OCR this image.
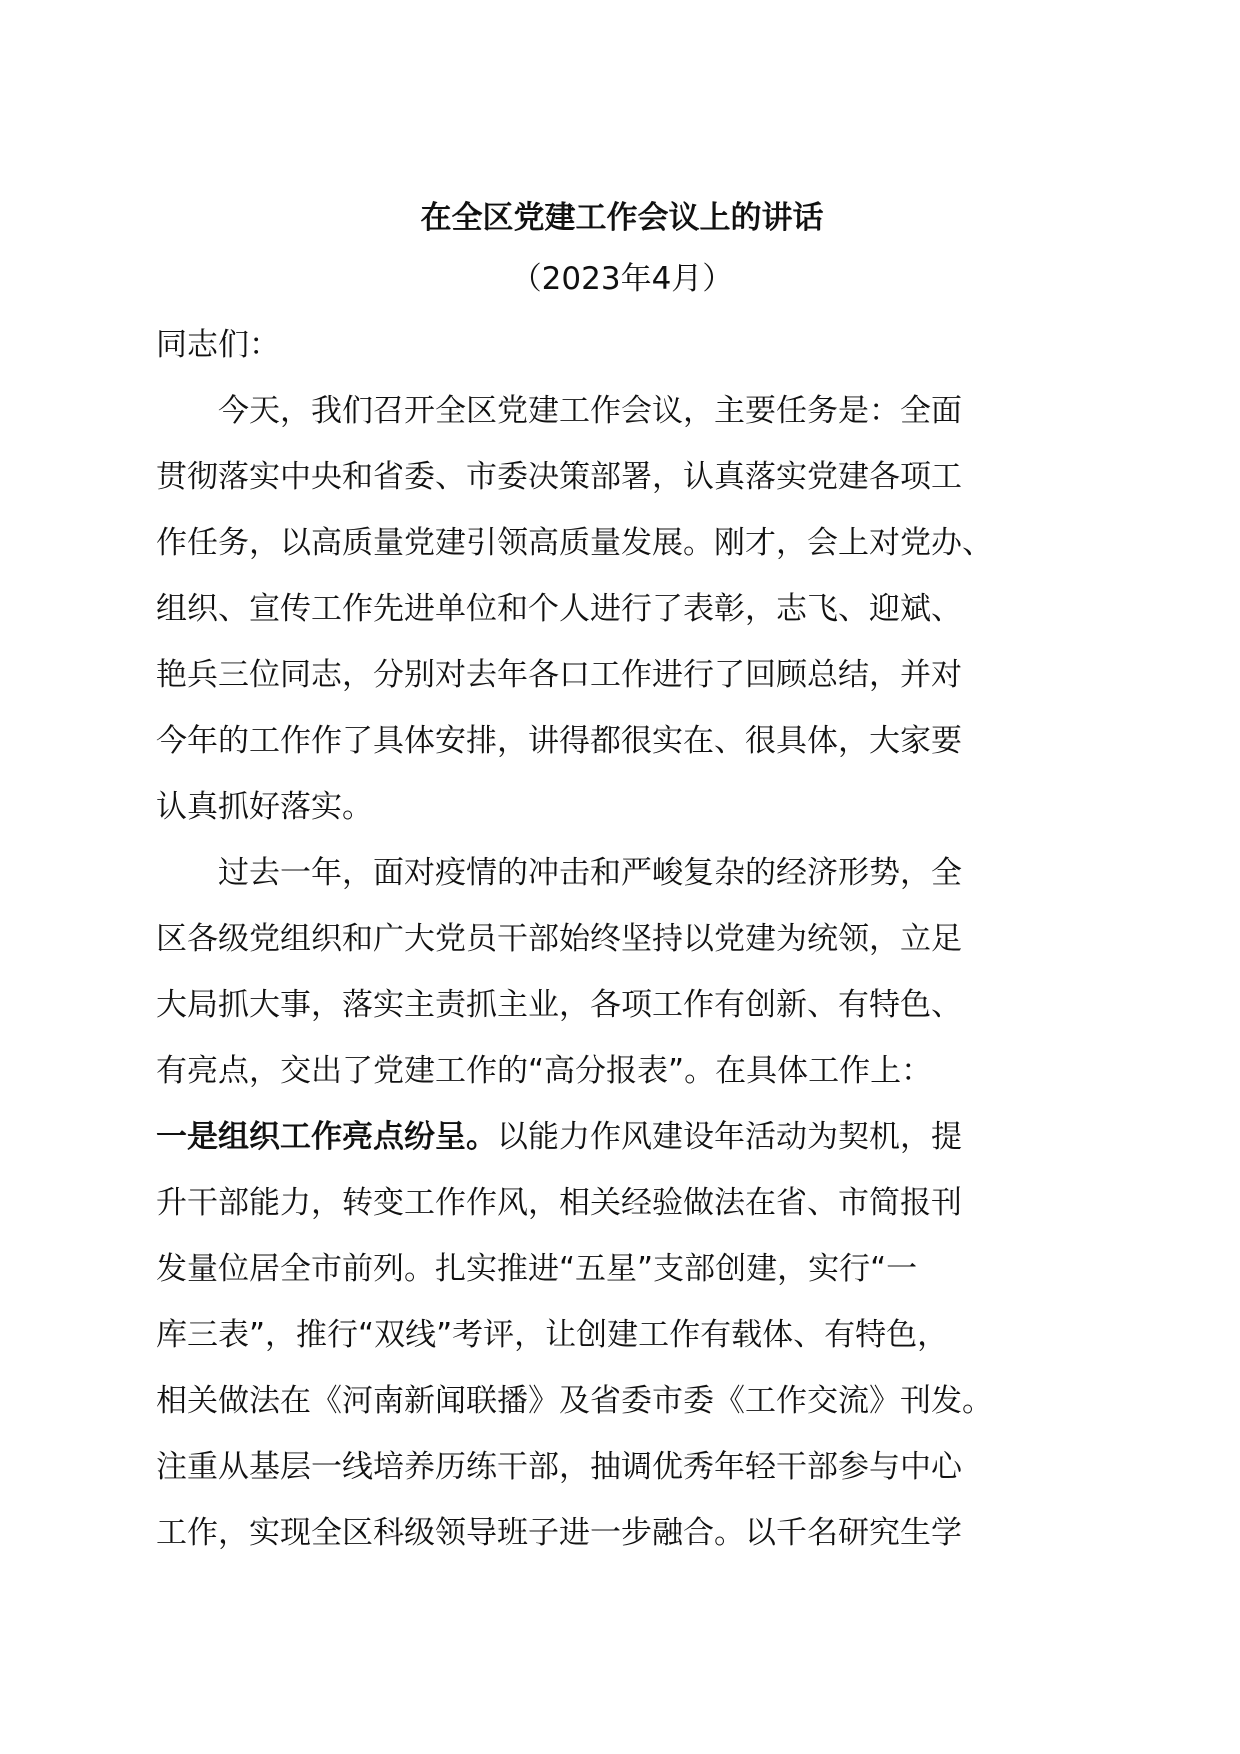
在全区党建工作会议上的讲话

（2023年4月）

同志们：

今天，我们召开全区党建工作会议，主要任务是：全面

贯彻落实中央和省委、市委决策部署，认真落实党建各项工

作任务，以高质量党建引领高质量发展。刚才，会上对党办、

组织、宣传工作先进单位和个人进行了表彰，志飞、迎斌、

艳兵三位同志，分别对去年各口工作进行了回顾总结，并对

今年的工作作了具体安排，讲得都很实在、很具体，大家要

认真抓好落实。

过去一年，面对疫情的冲击和严峻复杂的经济形势，全

区各级党组织和广大党员干部始终坚持以党建为统领，立足

大局抓大事，落实主责抓主业，各项工作有创新、有特色、

有亮点，交出了党建工作的“高分报表”。在具体工作上：

一是组织工作亮点纷呈。以能力作风建设年活动为契机，提

升干部能力，转变工作作风，相关经验做法在省、市简报刊

发量位居全市前列。扎实推进“五星”支部创建，实行“一

库三表”，推行“双线”考评，让创建工作有载体、有特色，

相关做法在《河南新闻联播》及省委市委《工作交流》刊发。

注重从基层一线培养历练干部，抽调优秀年轻干部参与中心

工作，实现全区科级领导班子进一步融合。以千名研究生学
